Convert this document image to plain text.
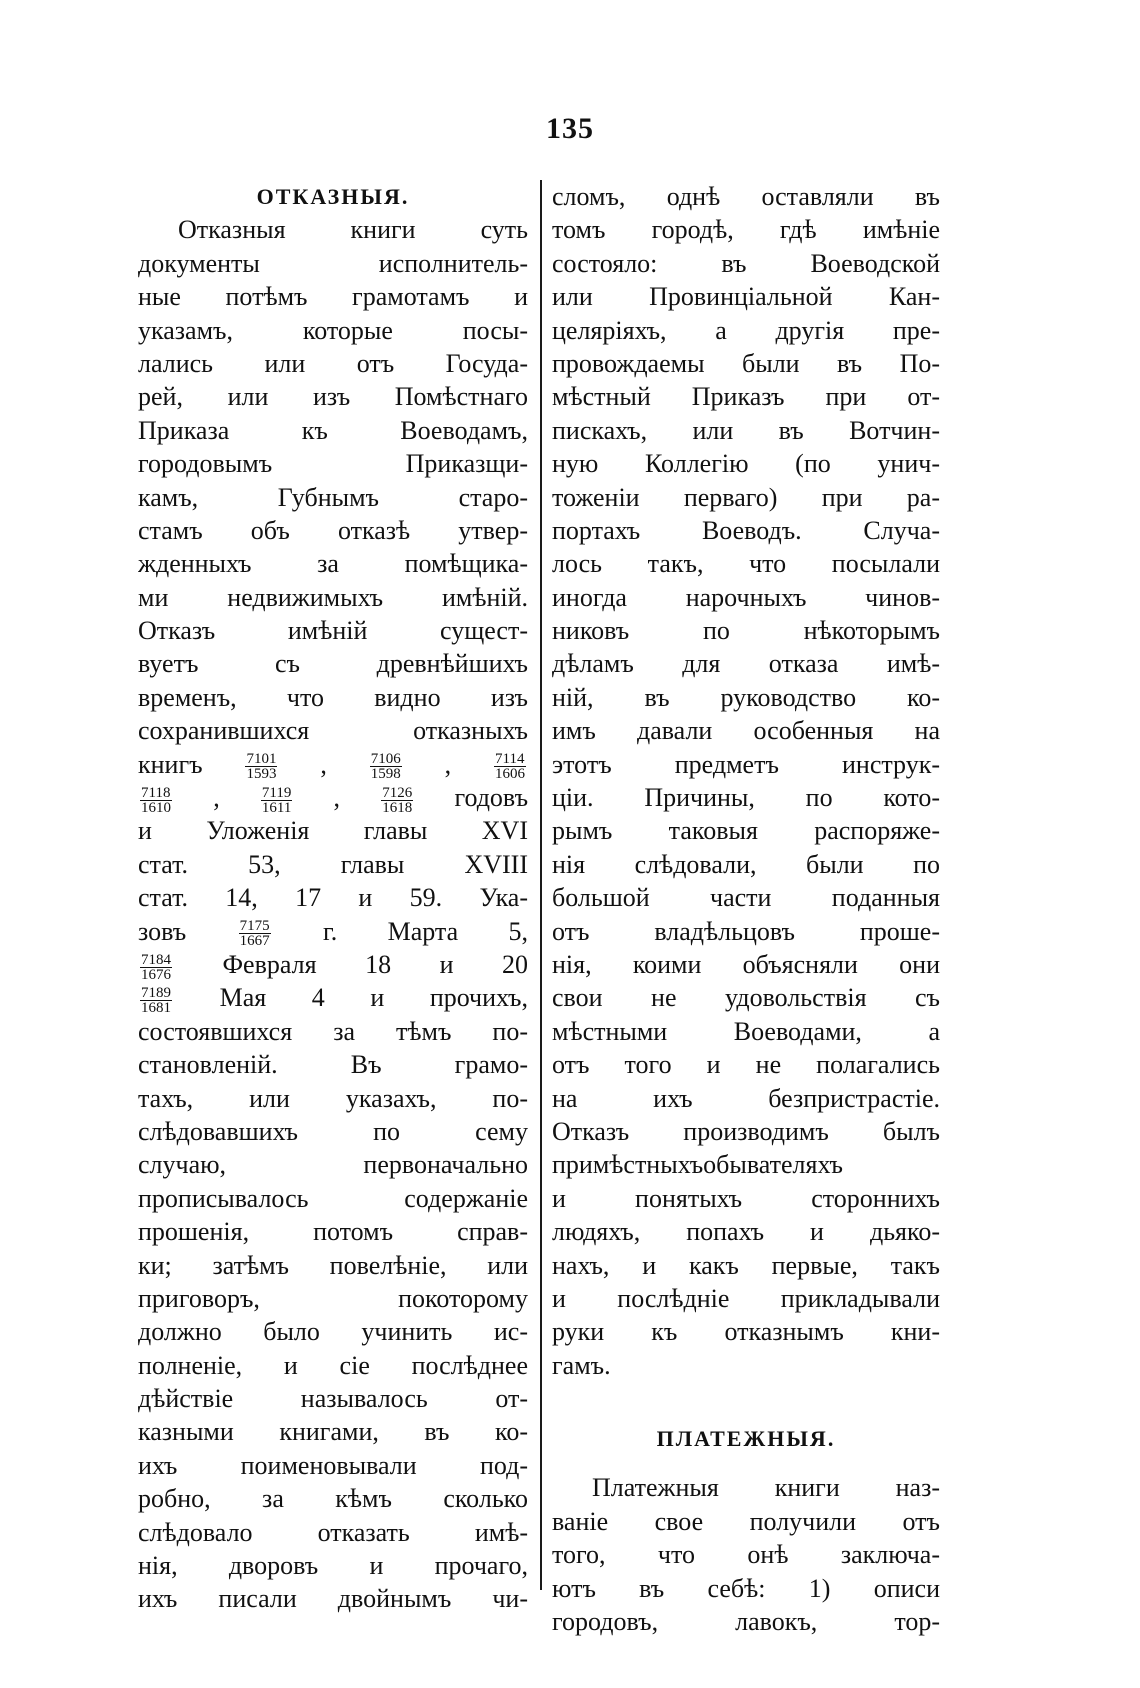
135
ОТКАЗНЫЯ.
Отказныя книги суть
документы исполнитель-
ные потѣмъ грамотамъ и
указамъ, которые посы-
лались или отъ Госуда-
рей, или изъ Помѣстнаго
Приказа къ Воеводамъ,
городовымъ Приказщи-
камъ, Губнымъ старо-
стамъ объ отказѣ утвер-
жденныхъ за помѣщика-
ми недвижимыхъ имѣній.
Отказъ имѣній сущест-
вуетъ съ древнѣйшихъ
временъ, что видно изъ
сохранившихся отказныхъ
книгъ	$\frac{7101}{1593}$ , $\frac{7106}{1598}$ , $\frac{7114}{1606}$
$\frac{7118}{1610}$ , $\frac{7119}{1611}$ , $\frac{7126}{1618}$ годовъ
и Уложенія главы XVI
стат. 53, главы XVIII
стат. 14, 17 и 59. Ука-
зовъ	$\frac{7175}{1667} г$. Марта 5,
$\frac{7184}{1676}$ Февраля 18 и 20
$\frac{7189}{1681}$ Мая 4 и прочихъ,
состоявшихся за тѣмъ по-
становленій. Въ грамо-
тахъ, или указахъ, по-
слѣдовавшихъ по сему
случаю, первоначально
прописывалось содержаніе
прошенія, потомъ справ-
ки; затѣмъ повелѣніе, или
приговоръ, покоторому
должно было учинить ис-
полненіе, и сіе послѣднее
дѣйствіе называлось от-
казными книгами, въ ко-
ихъ поименовывали под-
робно, за кѣмъ сколько
слѣдовало отказать имѣ-
нія, дворовъ и прочаго,
ихъ писали двойнымъ чи-
сломъ, однѣ оставляли въ
томъ городѣ, гдѣ имѣніе
состояло: въ Воеводской
или Провинціальной Кан-
целяріяхъ, а другія пре-
провождаемы были въ По-
мѣстный Приказъ при от-
пискахъ, или въ Вотчин-
ную Коллегію (по унич-
тоженіи перваго) при ра-
портахъ Воеводъ. Случа-
лось такъ, что посылали
иногда нарочныхъ чинов-
никовъ по нѣкоторымъ
дѣламъ для отказа имѣ-
ній, въ руководство ко-
имъ давали особенныя на
этотъ предметъ инструк-
ціи. Причины, по кото-
рымъ таковыя распоряже-
нія слѣдовали, были по
большой части поданныя
отъ владѣльцовъ проше-
нія, коими объясняли они
свои не удовольствія съ
мѣстными Воеводами, а
отъ того и не полагались
на ихъ безпристрастіе.
Отказъ производимъ былъ
примѣстныхъобывателяхъ
и понятыхъ стороннихъ
людяхъ, попахъ и дьяко-
нахъ, и какъ первые, такъ
и послѣдніе прикладывали
руки къ отказнымъ кни-
гамъ.
ПЛАТЕЖНЫЯ.
Платежныя книги наз-
ваніе свое получили отъ
того, что онѣ заключа-
ютъ въ себѣ: 1) описи
городовъ, лавокъ, тор-
